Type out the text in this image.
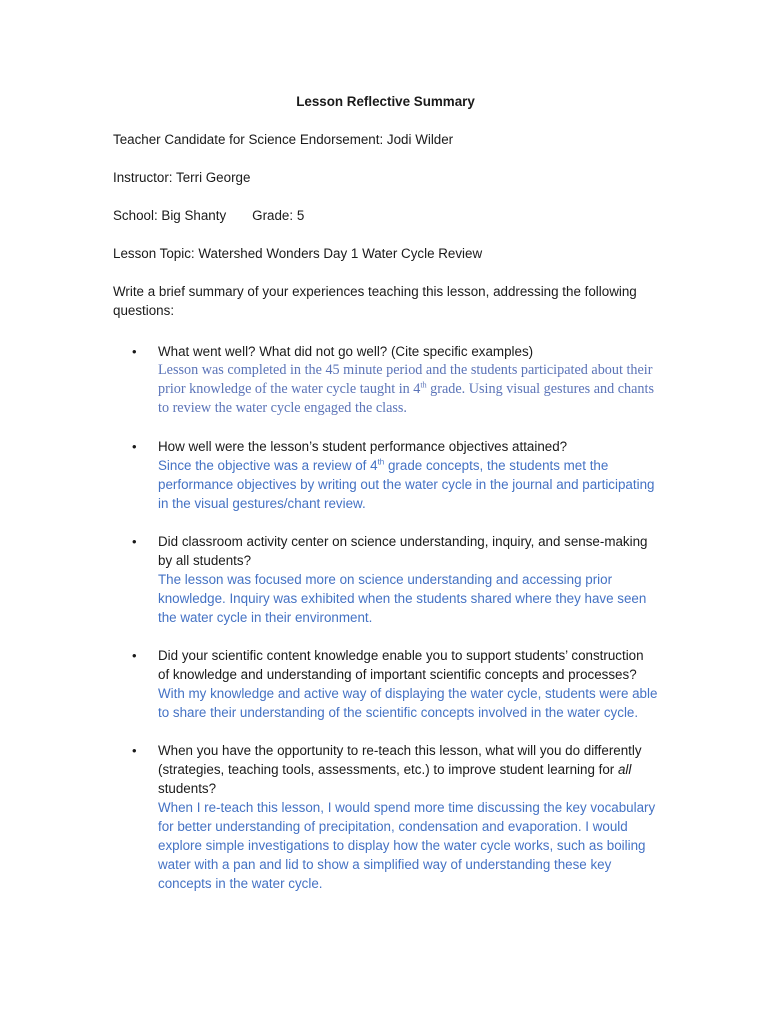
Lesson Reflective Summary
Teacher Candidate for Science Endorsement: Jodi Wilder
Instructor: Terri George
School: Big Shanty Grade: 5
Lesson Topic: Watershed Wonders Day 1 Water Cycle Review
Write a brief summary of your experiences teaching this lesson, addressing the following questions:
• What went well? What did not go well? (Cite specific examples)
Lesson was completed in the 45 minute period and the students participated about their prior knowledge of the water cycle taught in 4th grade. Using visual gestures and chants to review the water cycle engaged the class.
• How well were the lesson’s student performance objectives attained?
Since the objective was a review of 4th grade concepts, the students met the performance objectives by writing out the water cycle in the journal and participating in the visual gestures/chant review.
• Did classroom activity center on science understanding, inquiry, and sense-making by all students?
The lesson was focused more on science understanding and accessing prior knowledge. Inquiry was exhibited when the students shared where they have seen the water cycle in their environment.
• Did your scientific content knowledge enable you to support students’ construction of knowledge and understanding of important scientific concepts and processes?
With my knowledge and active way of displaying the water cycle, students were able to share their understanding of the scientific concepts involved in the water cycle.
• When you have the opportunity to re-teach this lesson, what will you do differently (strategies, teaching tools, assessments, etc.) to improve student learning for all students?
When I re-teach this lesson, I would spend more time discussing the key vocabulary for better understanding of precipitation, condensation and evaporation. I would explore simple investigations to display how the water cycle works, such as boiling water with a pan and lid to show a simplified way of understanding these key concepts in the water cycle.
